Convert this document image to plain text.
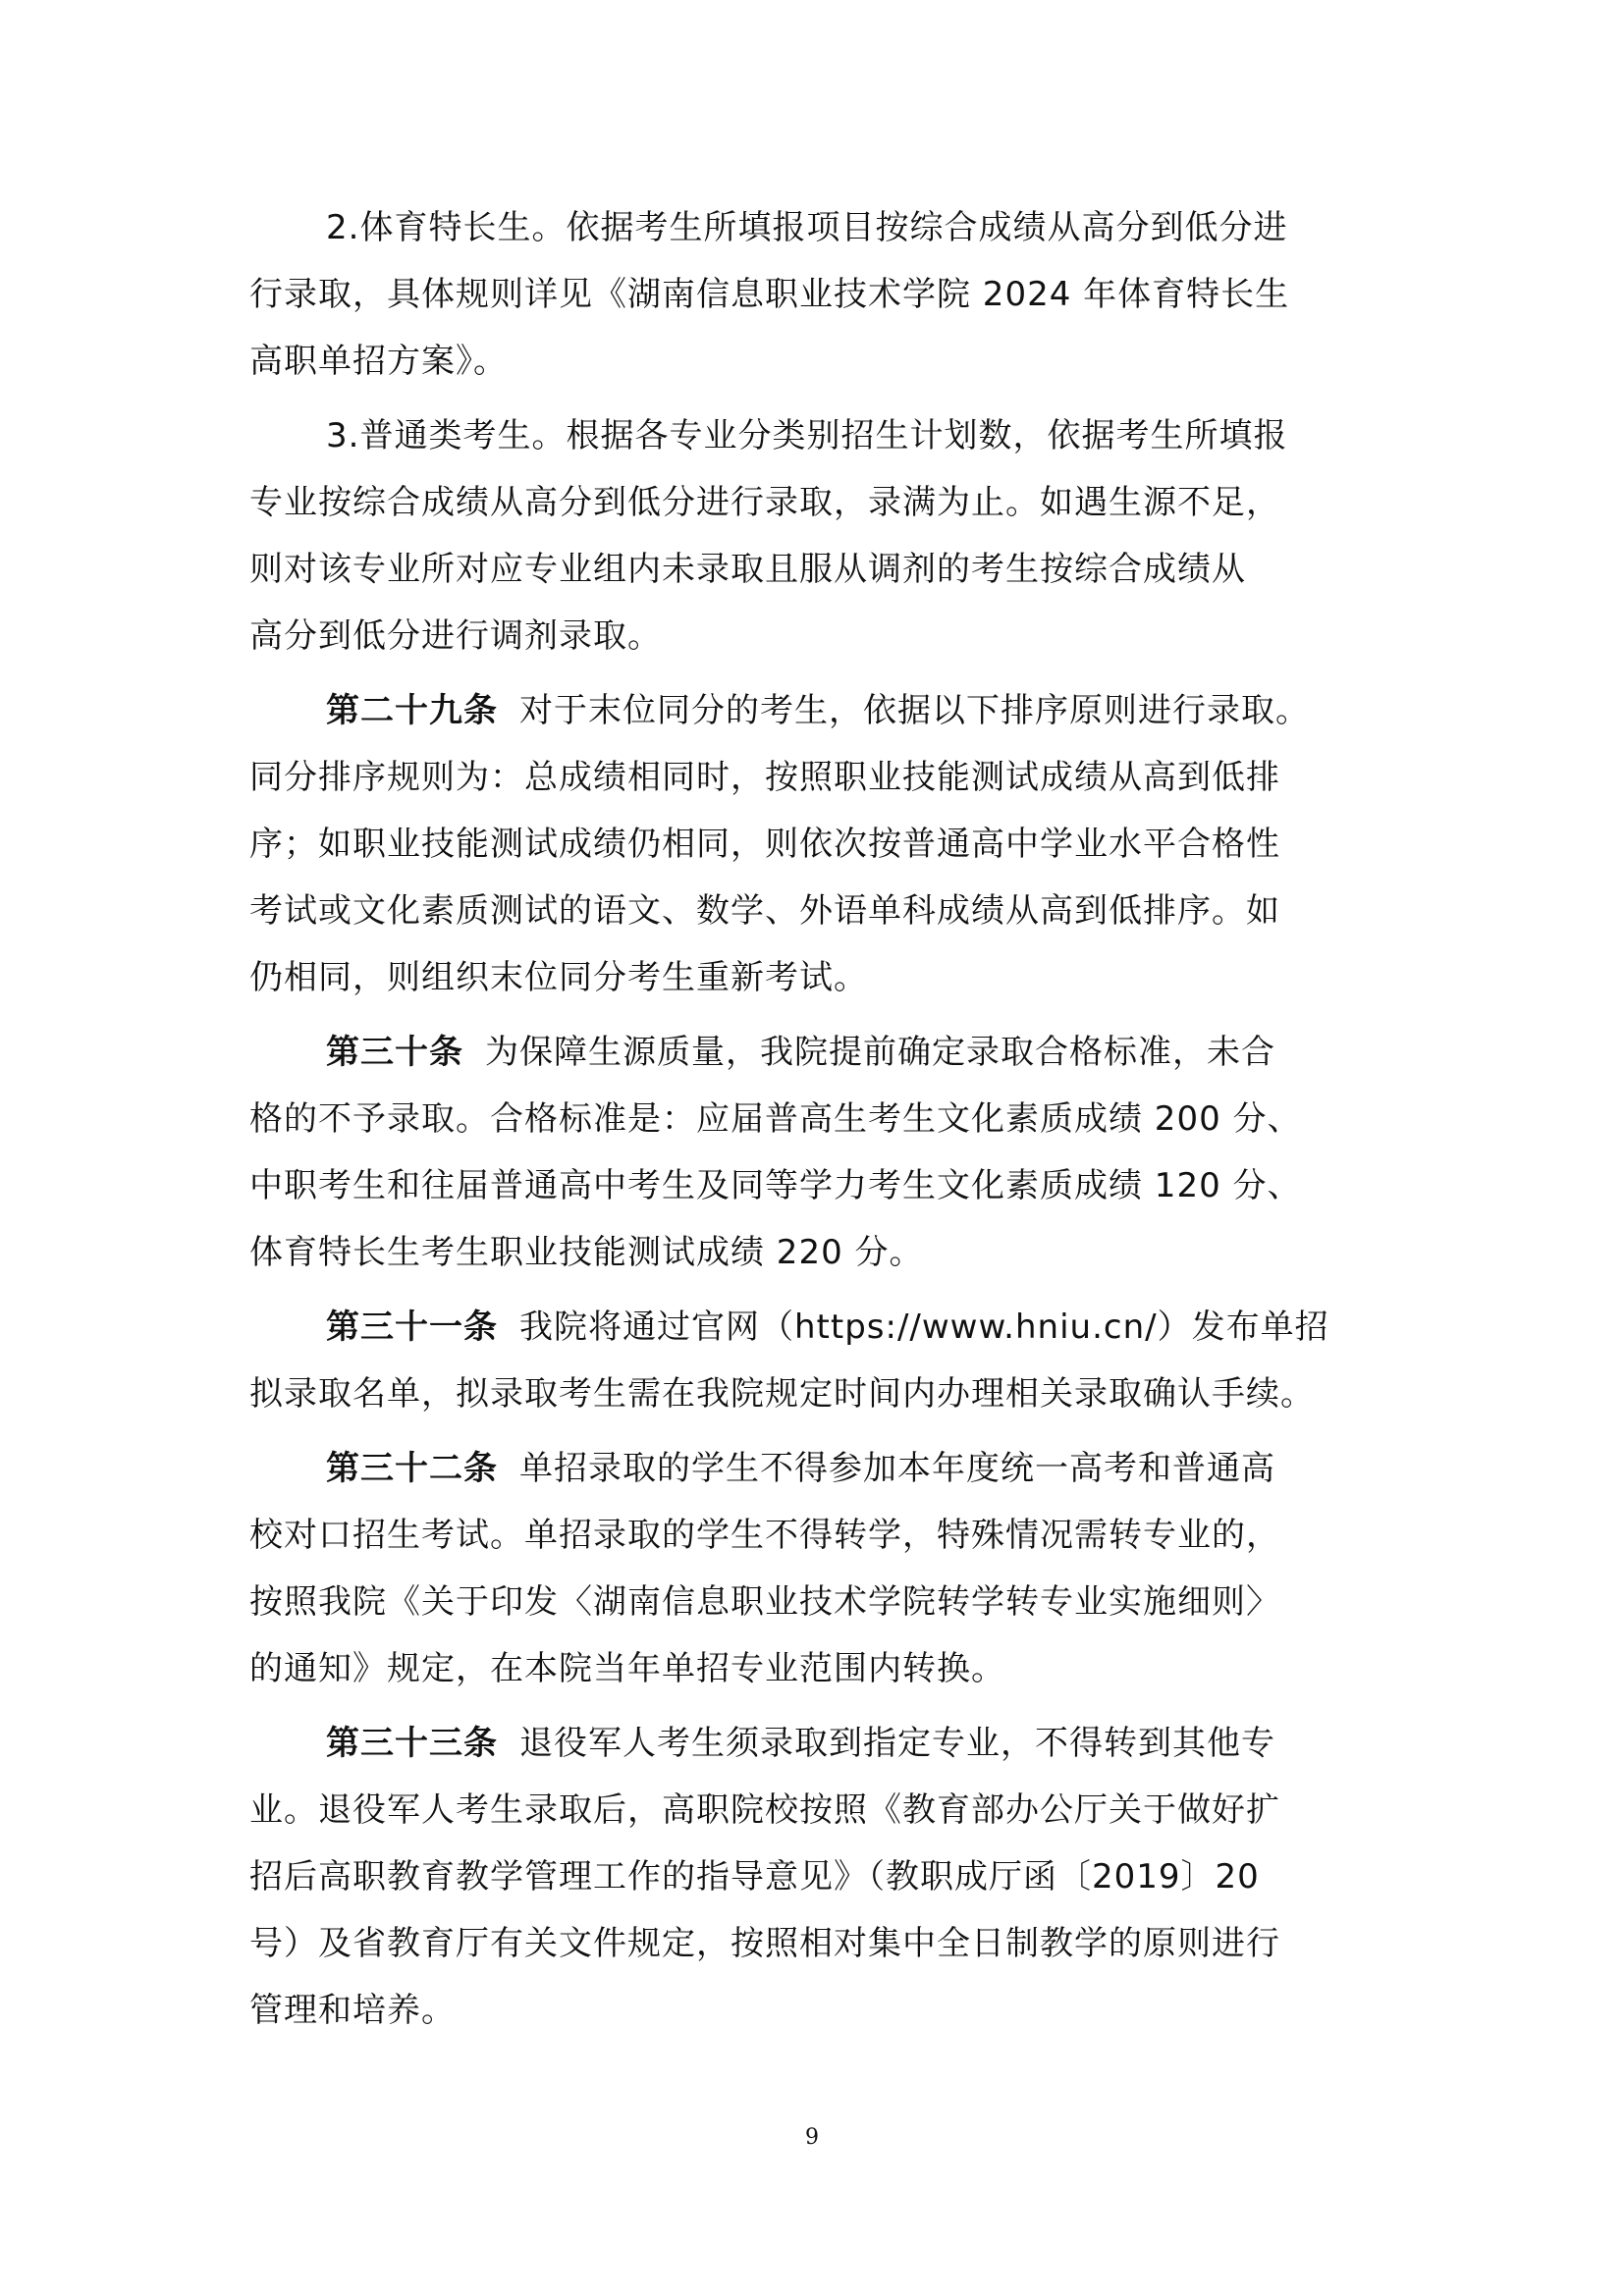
2.体育特长生。依据考生所填报项目按综合成绩从高分到低分进
行录取，具体规则详见《湖南信息职业技术学院 2024 年体育特长生
高职单招方案》。
3.普通类考生。根据各专业分类别招生计划数，依据考生所填报
专业按综合成绩从高分到低分进行录取，录满为止。如遇生源不足，
则对该专业所对应专业组内未录取且服从调剂的考生按综合成绩从
高分到低分进行调剂录取。
第二十九条 对于末位同分的考生，依据以下排序原则进行录取。
同分排序规则为：总成绩相同时，按照职业技能测试成绩从高到低排
序；如职业技能测试成绩仍相同，则依次按普通高中学业水平合格性
考试或文化素质测试的语文、数学、外语单科成绩从高到低排序。如
仍相同，则组织末位同分考生重新考试。
第三十条 为保障生源质量，我院提前确定录取合格标准，未合
格的不予录取。合格标准是：应届普高生考生文化素质成绩 200 分、
中职考生和往届普通高中考生及同等学力考生文化素质成绩 120 分、
体育特长生考生职业技能测试成绩 220 分。
第三十一条 我院将通过官网（https://www.hniu.cn/）发布单招
拟录取名单，拟录取考生需在我院规定时间内办理相关录取确认手续。
第三十二条 单招录取的学生不得参加本年度统一高考和普通高
校对口招生考试。单招录取的学生不得转学，特殊情况需转专业的，
按照我院《关于印发〈湖南信息职业技术学院转学转专业实施细则〉
的通知》规定，在本院当年单招专业范围内转换。
第三十三条 退役军人考生须录取到指定专业，不得转到其他专
业。退役军人考生录取后，高职院校按照《教育部办公厅关于做好扩
招后高职教育教学管理工作的指导意见》（教职成厅函〔2019〕20
号）及省教育厅有关文件规定，按照相对集中全日制教学的原则进行
管理和培养。
9
